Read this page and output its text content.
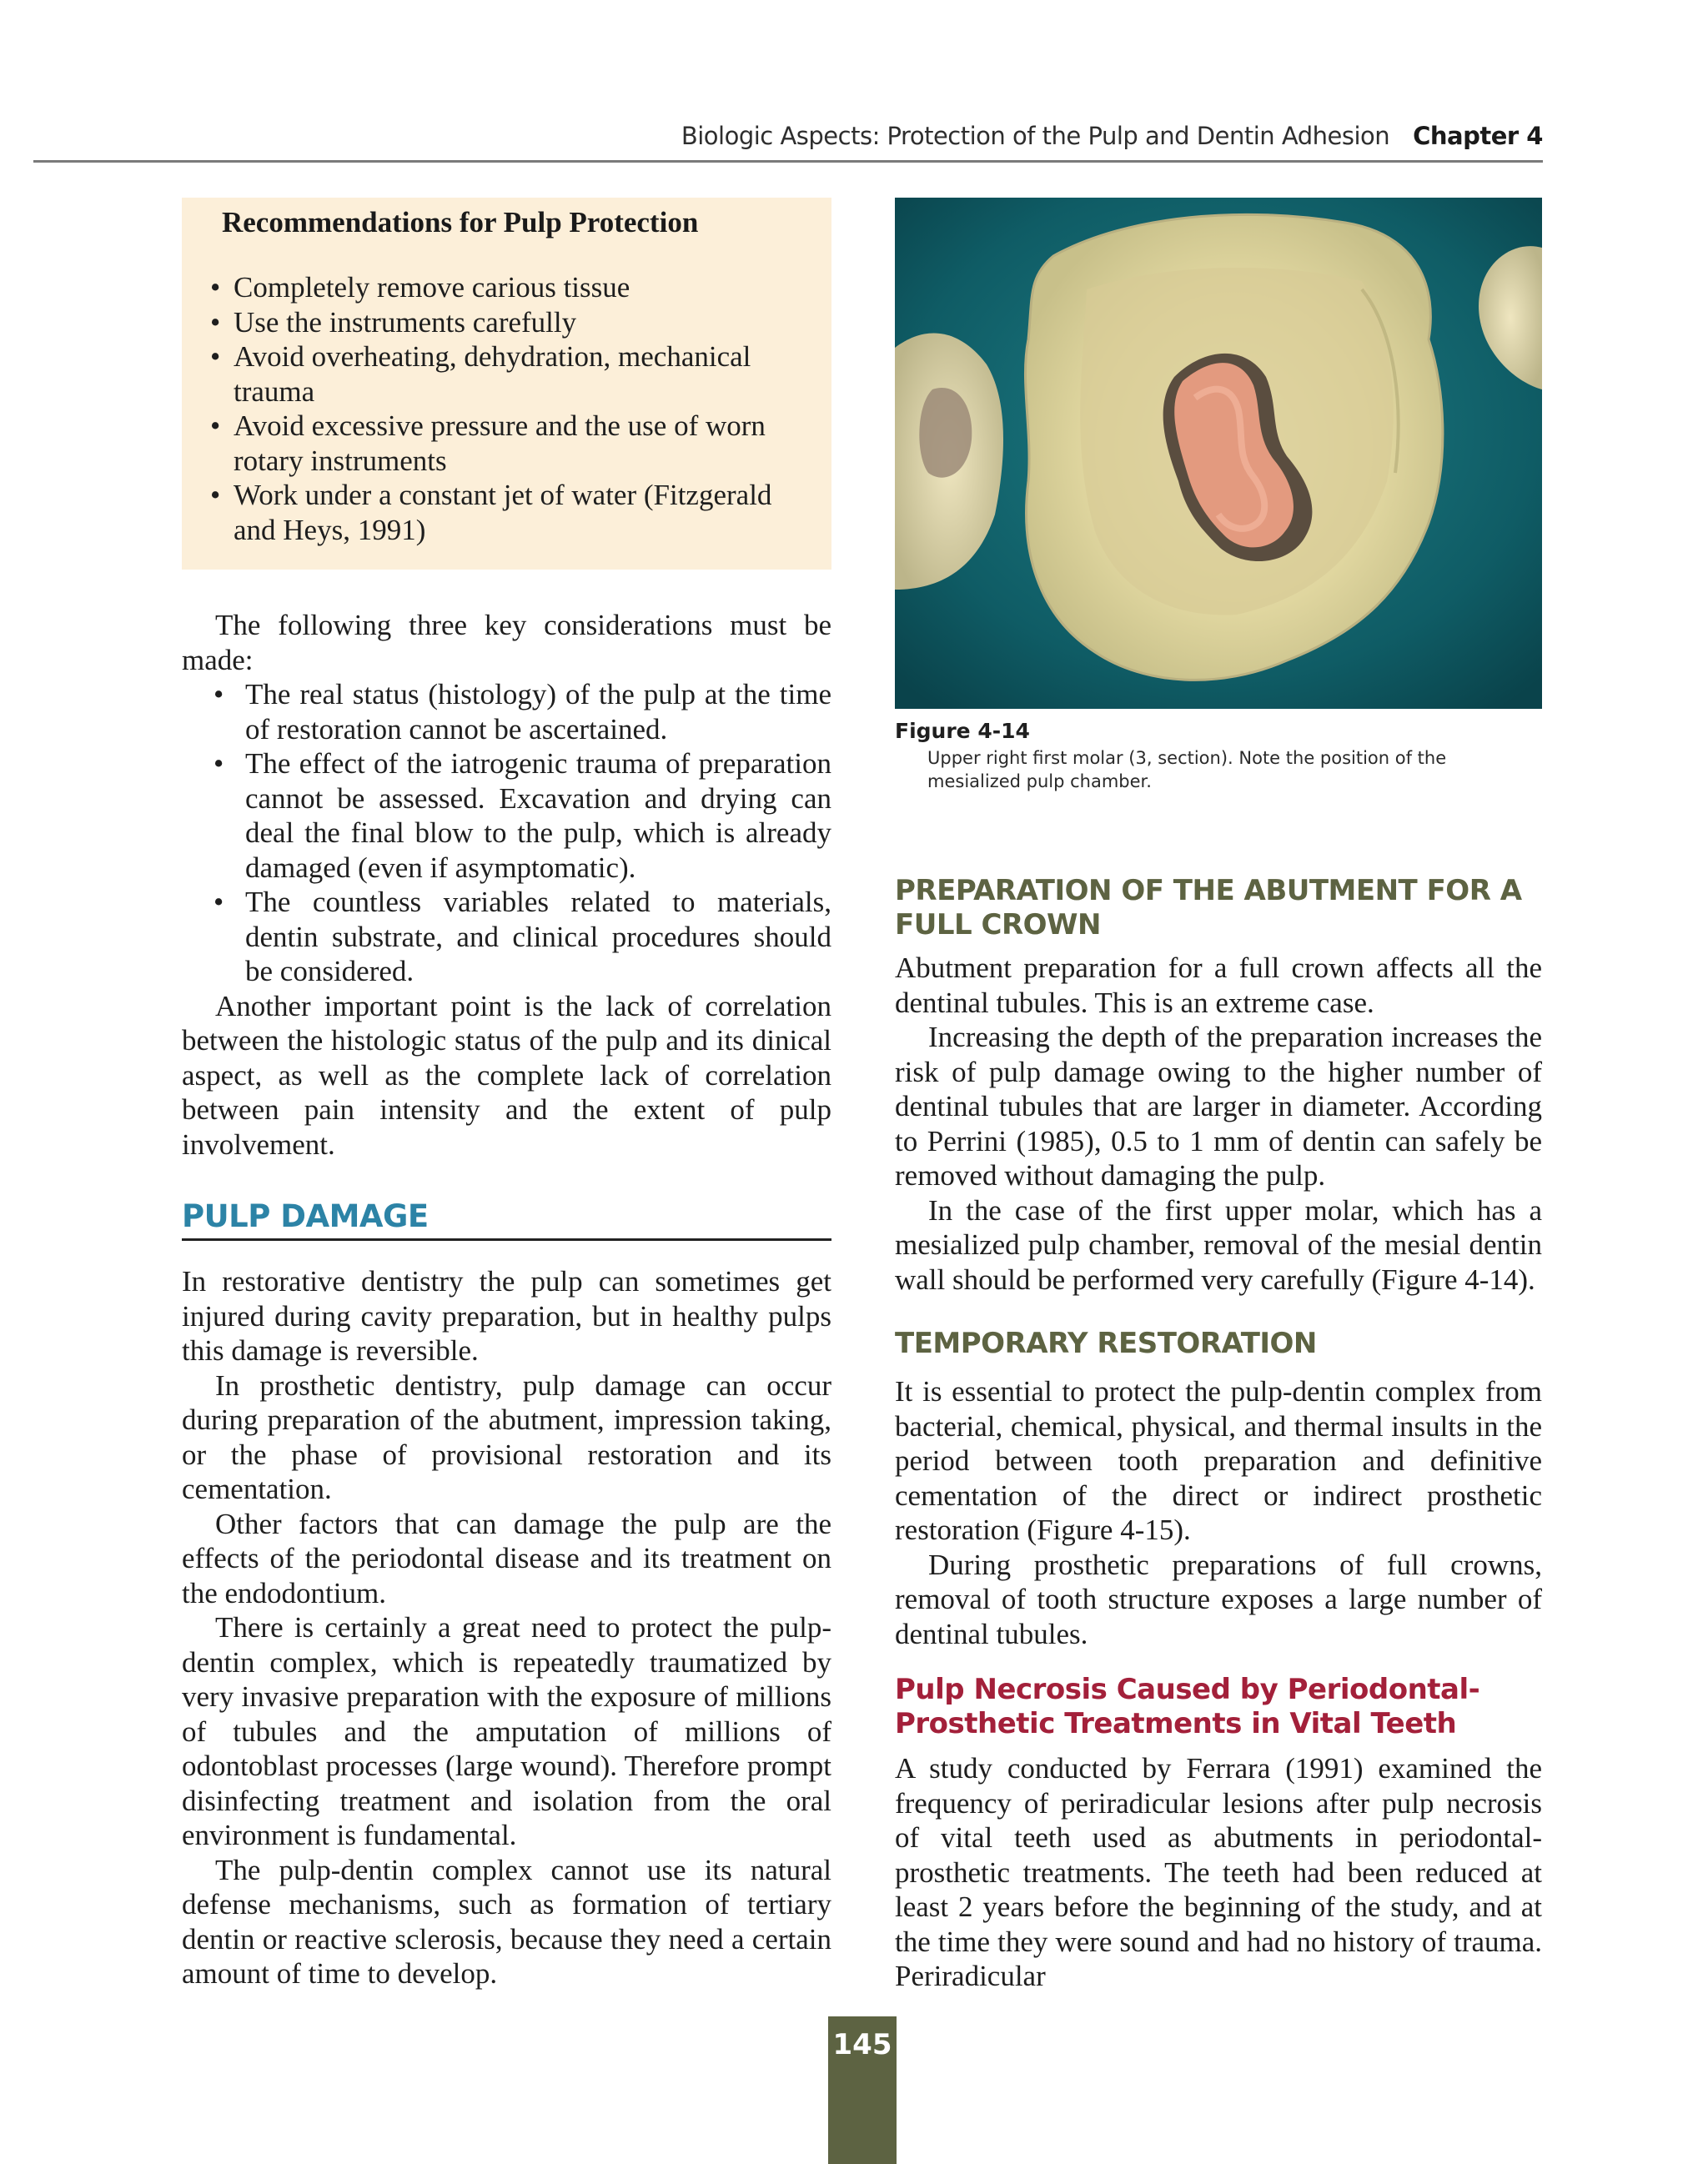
Biologic Aspects: Protection of the Pulp and Dentin Adhesion Chapter 4
Recommendations for Pulp Protection
• Completely remove carious tissue
• Use the instruments carefully
• Avoid overheating, dehydration, mechanical trauma
• Avoid excessive pressure and the use of worn rotary instruments
• Work under a constant jet of water (Fitzgerald and Heys, 1991)

The following three key considerations must be made:

• The real status (histology) of the pulp at the time of restoration cannot be ascertained.
• The effect of the iatrogenic trauma of preparation cannot be assessed. Excavation and drying can deal the final blow to the pulp, which is already damaged (even if asymptomatic).
• The countless variables related to materials, dentin substrate, and clinical procedures should be considered.

Another important point is the lack of correlation between the histologic status of the pulp and its dinical aspect, as well as the complete lack of correlation between pain intensity and the extent of pulp involvement.

PULP DAMAGE

In restorative dentistry the pulp can sometimes get injured during cavity preparation, but in healthy pulps this damage is reversible.

In prosthetic dentistry, pulp damage can occur during preparation of the abutment, impression taking, or the phase of provisional restoration and its cementation.

Other factors that can damage the pulp are the effects of the periodontal disease and its treatment on the endodontium.

There is certainly a great need to protect the pulp-dentin complex, which is repeatedly traumatized by very invasive preparation with the exposure of millions of tubules and the amputation of millions of odontoblast processes (large wound). Therefore prompt disinfecting treatment and isolation from the oral environment is fundamental.

The pulp-dentin complex cannot use its natural defense mechanisms, such as formation of tertiary dentin or reactive sclerosis, because they need a certain amount of time to develop.

Figure 4-14
Upper right first molar (3, section). Note the position of the mesialized pulp chamber.
PREPARATION OF THE ABUTMENT FOR A FULL CROWN

Abutment preparation for a full crown affects all the dentinal tubules. This is an extreme case.

Increasing the depth of the preparation increases the risk of pulp damage owing to the higher number of dentinal tubules that are larger in diameter. According to Perrini (1985), 0.5 to 1 mm of dentin can safely be removed without damaging the pulp.

In the case of the first upper molar, which has a mesialized pulp chamber, removal of the mesial dentin wall should be performed very carefully (Figure 4-14).

TEMPORARY RESTORATION

It is essential to protect the pulp-dentin complex from bacterial, chemical, physical, and thermal insults in the period between tooth preparation and definitive cementation of the direct or indirect prosthetic restoration (Figure 4-15).

During prosthetic preparations of full crowns, removal of tooth structure exposes a large number of dentinal tubules.

Pulp Necrosis Caused by Periodontal-Prosthetic Treatments in Vital Teeth

A study conducted by Ferrara (1991) examined the frequency of periradicular lesions after pulp necrosis of vital teeth used as abutments in periodontal-prosthetic treatments. The teeth had been reduced at least 2 years before the beginning of the study, and at the time they were sound and had no history of trauma. Periradicular

145
